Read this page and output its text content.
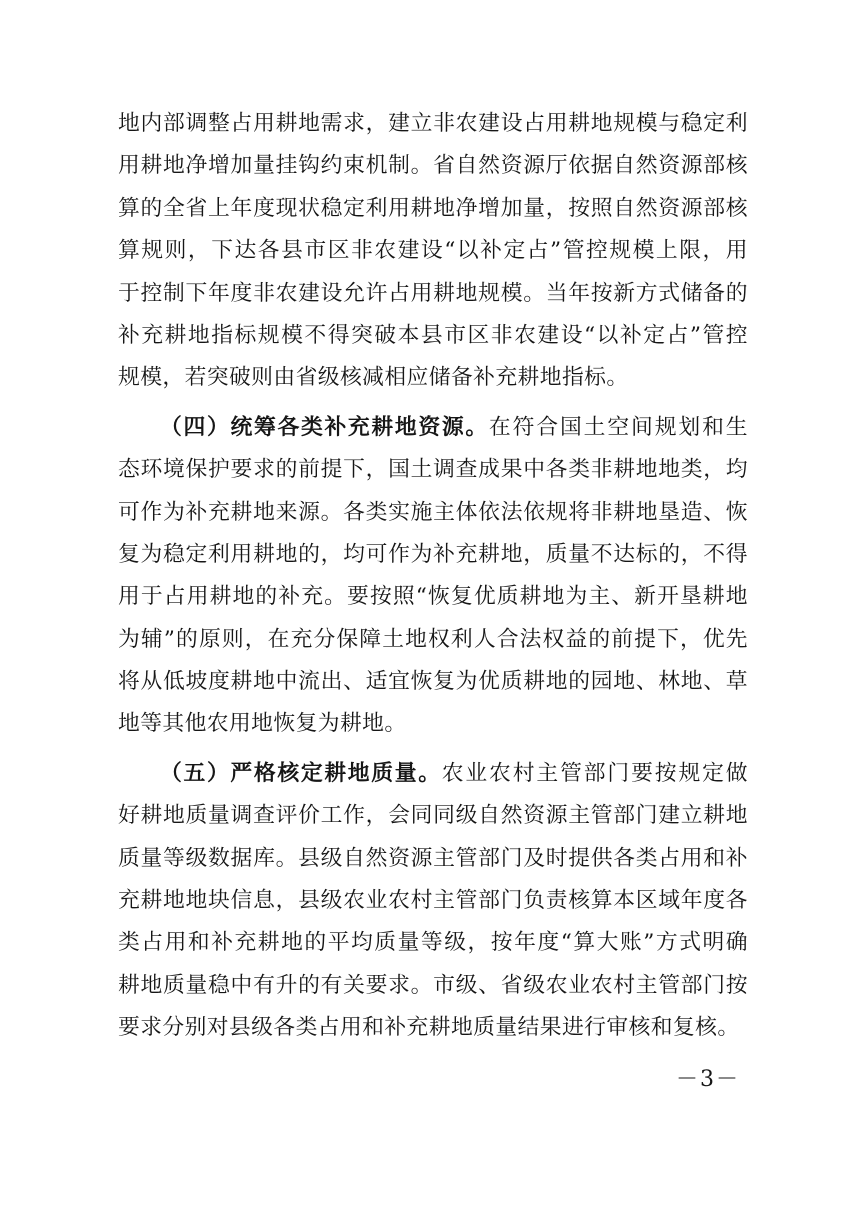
地内部调整占用耕地需求，建立非农建设占用耕地规模与稳定利
用耕地净增加量挂钩约束机制。省自然资源厅依据自然资源部核
算的全省上年度现状稳定利用耕地净增加量，按照自然资源部核
算规则，下达各县市区非农建设“以补定占”管控规模上限，用
于控制下年度非农建设允许占用耕地规模。当年按新方式储备的
补充耕地指标规模不得突破本县市区非农建设“以补定占”管控
规模，若突破则由省级核减相应储备补充耕地指标。
（四）统筹各类补充耕地资源。在符合国土空间规划和生
态环境保护要求的前提下，国土调查成果中各类非耕地地类，均
可作为补充耕地来源。各类实施主体依法依规将非耕地垦造、恢
复为稳定利用耕地的，均可作为补充耕地，质量不达标的，不得
用于占用耕地的补充。要按照“恢复优质耕地为主、新开垦耕地
为辅”的原则，在充分保障土地权利人合法权益的前提下，优先
将从低坡度耕地中流出、适宜恢复为优质耕地的园地、林地、草
地等其他农用地恢复为耕地。
（五）严格核定耕地质量。农业农村主管部门要按规定做
好耕地质量调查评价工作，会同同级自然资源主管部门建立耕地
质量等级数据库。县级自然资源主管部门及时提供各类占用和补
充耕地地块信息，县级农业农村主管部门负责核算本区域年度各
类占用和补充耕地的平均质量等级，按年度“算大账”方式明确
耕地质量稳中有升的有关要求。市级、省级农业农村主管部门按
要求分别对县级各类占用和补充耕地质量结果进行审核和复核。
－3－
